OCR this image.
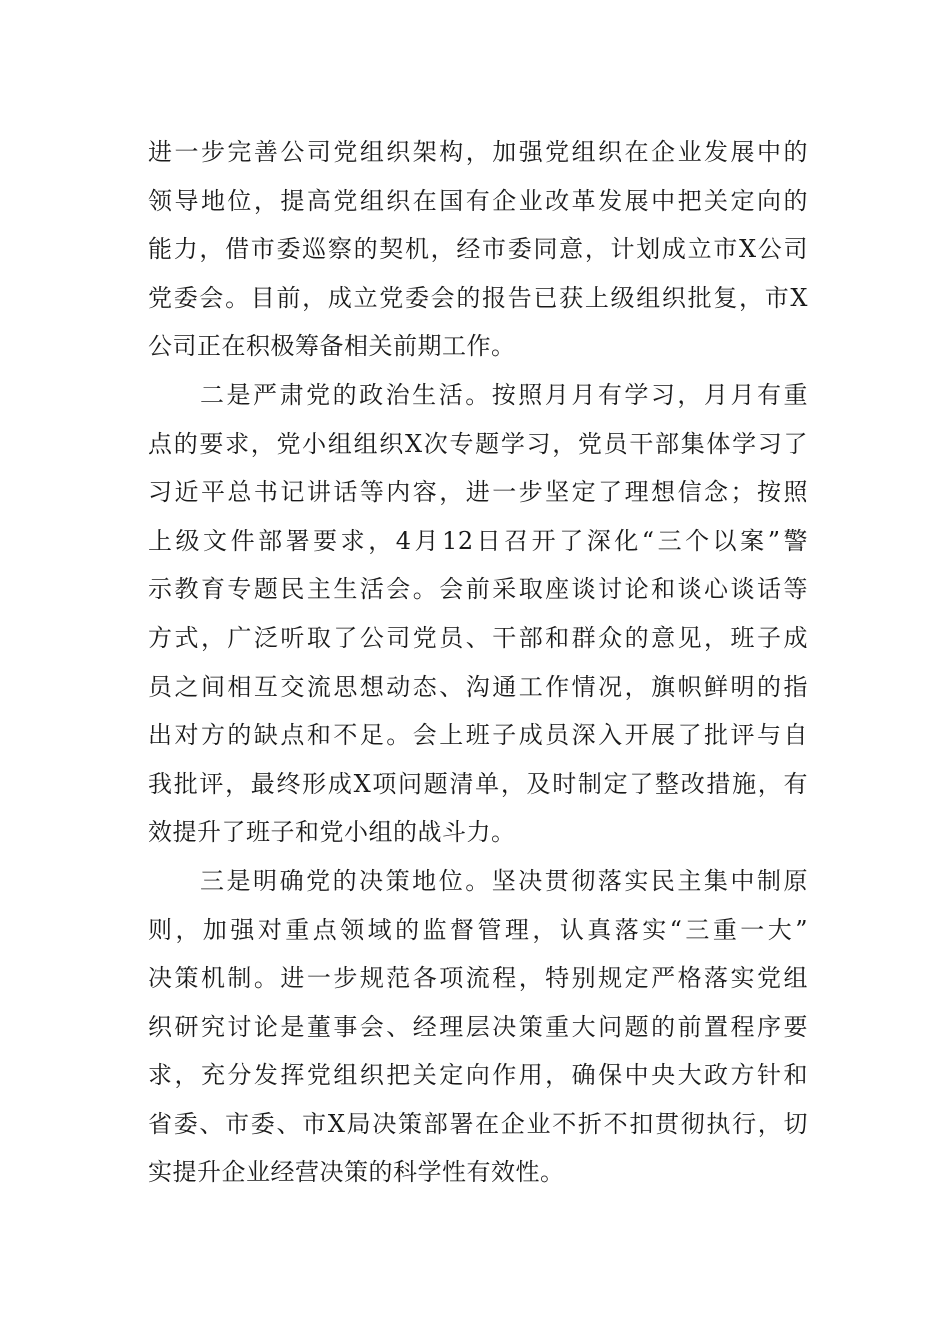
进一步完善公司党组织架构，加强党组织在企业发展中的
领导地位，提高党组织在国有企业改革发展中把关定向的
能力，借市委巡察的契机，经市委同意，计划成立市X公司
党委会。目前，成立党委会的报告已获上级组织批复，市X
公司正在积极筹备相关前期工作。
二是严肃党的政治生活。按照月月有学习，月月有重
点的要求，党小组组织X次专题学习，党员干部集体学习了
习近平总书记讲话等内容，进一步坚定了理想信念；按照
上级文件部署要求，4月12日召开了深化“三个以案”警
示教育专题民主生活会。会前采取座谈讨论和谈心谈话等
方式，广泛听取了公司党员、干部和群众的意见，班子成
员之间相互交流思想动态、沟通工作情况，旗帜鲜明的指
出对方的缺点和不足。会上班子成员深入开展了批评与自
我批评，最终形成X项问题清单，及时制定了整改措施，有
效提升了班子和党小组的战斗力。
三是明确党的决策地位。坚决贯彻落实民主集中制原
则，加强对重点领域的监督管理，认真落实“三重一大”
决策机制。进一步规范各项流程，特别规定严格落实党组
织研究讨论是董事会、经理层决策重大问题的前置程序要
求，充分发挥党组织把关定向作用，确保中央大政方针和
省委、市委、市X局决策部署在企业不折不扣贯彻执行，切
实提升企业经营决策的科学性有效性。
